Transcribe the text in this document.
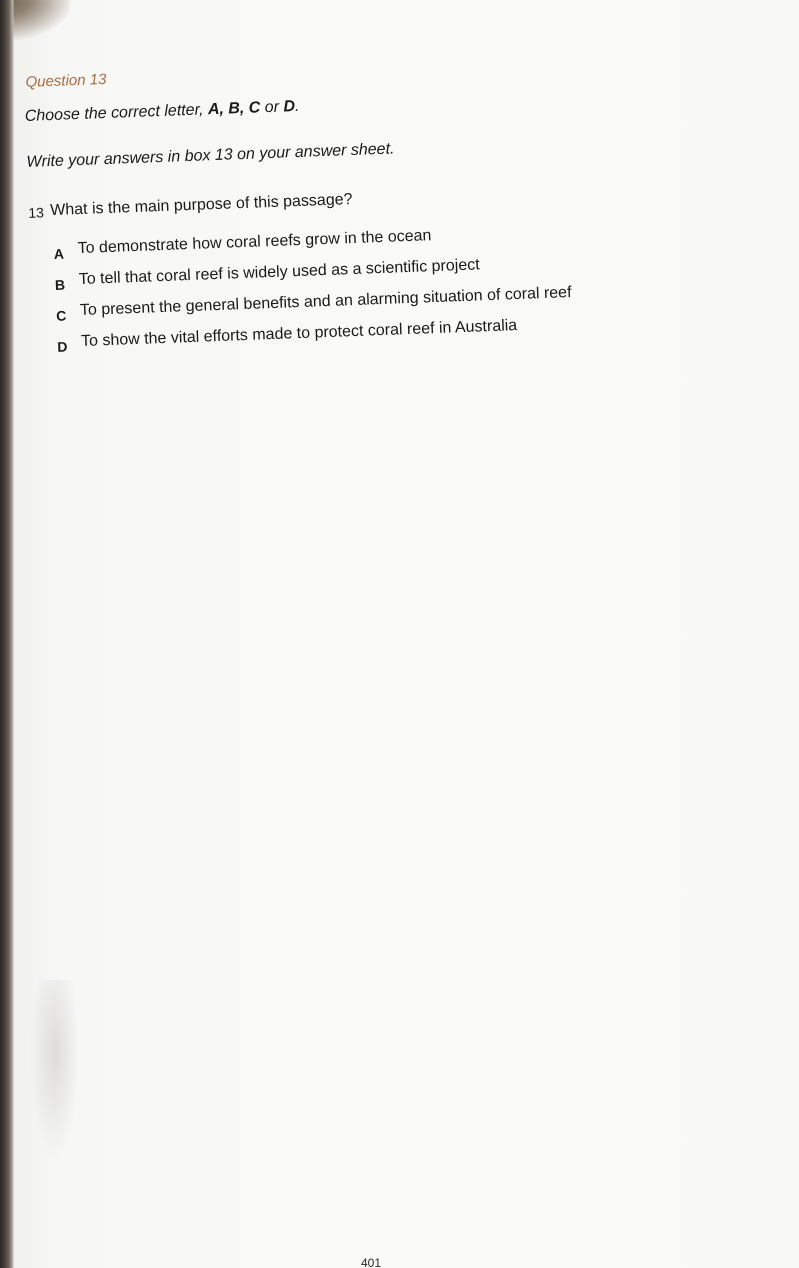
Question 13
Choose the correct letter, A, B, C or D.
Write your answers in box 13 on your answer sheet.
13 What is the main purpose of this passage?
A To demonstrate how coral reefs grow in the ocean
B To tell that coral reef is widely used as a scientific project
C To present the general benefits and an alarming situation of coral reef
D To show the vital efforts made to protect coral reef in Australia
401
